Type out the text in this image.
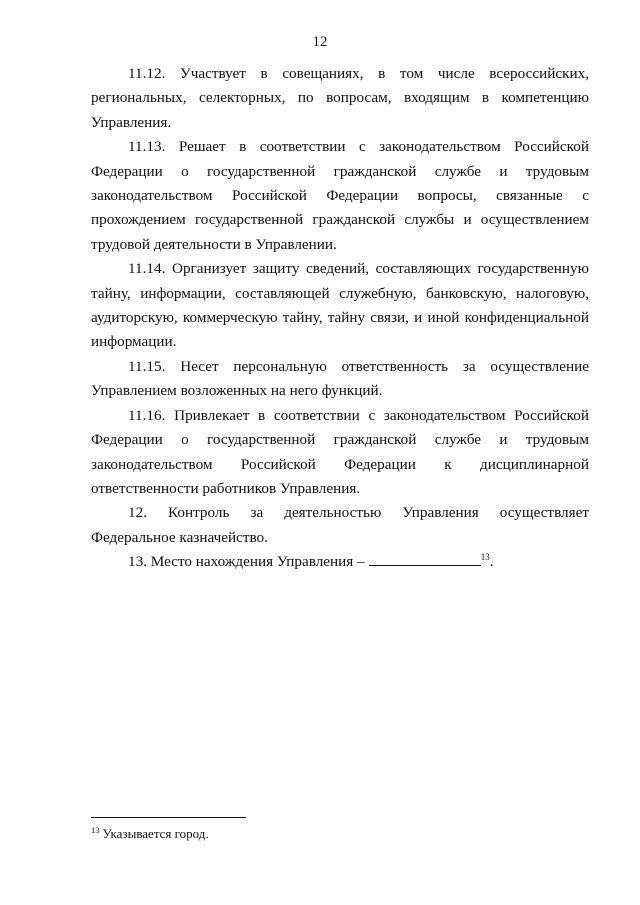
12

11.12. Участвует в совещаниях, в том числе всероссийских, региональных, селекторных, по вопросам, входящим в компетенцию Управления.

11.13. Решает в соответствии с законодательством Российской Федерации о государственной гражданской службе и трудовым законодательством Российской Федерации вопросы, связанные с прохождением государственной гражданской службы и осуществлением трудовой деятельности в Управлении.

11.14. Организует защиту сведений, составляющих государственную тайну, информации, составляющей служебную, банковскую, налоговую, аудиторскую, коммерческую тайну, тайну связи, и иной конфиденциальной информации.

11.15. Несет персональную ответственность за осуществление Управлением возложенных на него функций.

11.16. Привлекает в соответствии с законодательством Российской Федерации о государственной гражданской службе и трудовым законодательством Российской Федерации к дисциплинарной ответственности работников Управления.

12. Контроль за деятельностью Управления осуществляет Федеральное казначейство.

13. Место нахождения Управления –	$^{13}$.

$^{13}$ Указывается город.
